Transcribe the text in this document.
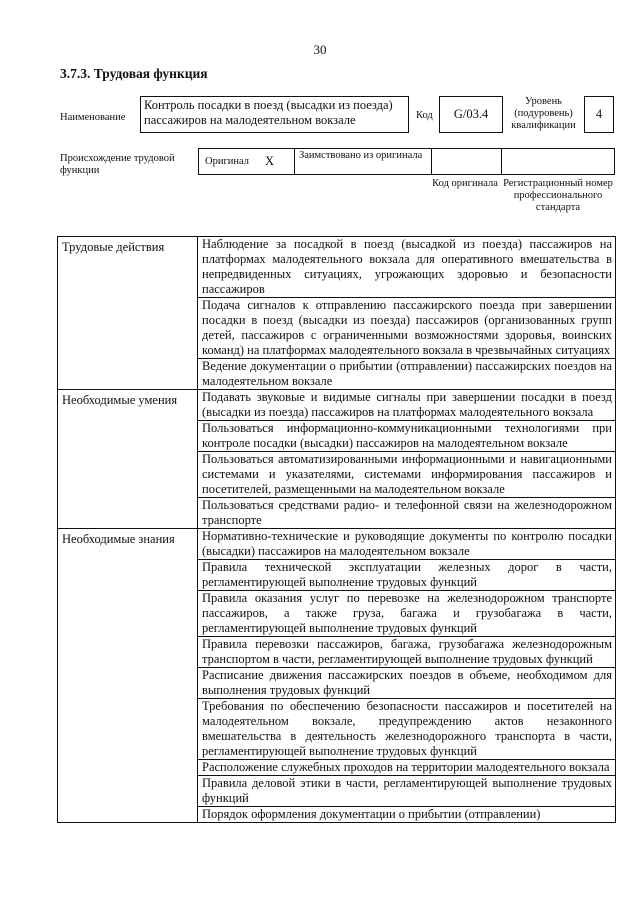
30
3.7.3. Трудовая функция
Наименование
Контроль посадки в поезд (высадки из поезда) пассажиров на малодеятельном вокзале	Код	G/03.4
Уровень (подуровень) квалификации
4
Происхождение трудовой функции
Оригинал X Заимствовано из оригинала
Код оригинала Регистрационный номер профессионального стандарта
Трудовые действия	Наблюдение за посадкой в поезд (высадкой из поезда) пассажиров на платформах малодеятельного вокзала для оперативного вмешательства в непредвиденных ситуациях, угрожающих здоровью и безопасности пассажиров
Подача сигналов к отправлению пассажирского поезда при завершении посадки в поезд (высадки из поезда) пассажиров (организованных групп детей, пассажиров с ограниченными возможностями здоровья, воинских команд) на платформах малодеятельного вокзала в чрезвычайных ситуациях
Ведение документации о прибытии (отправлении) пассажирских поездов на малодеятельном вокзале
Необходимые умения	Подавать звуковые и видимые сигналы при завершении посадки в поезд (высадки из поезда) пассажиров на платформах малодеятельного вокзала
Пользоваться информационно-коммуникационными технологиями при контроле посадки (высадки) пассажиров на малодеятельном вокзале
Пользоваться автоматизированными информационными и навигационными системами и указателями, системами информирования пассажиров и посетителей, размещенными на малодеятельном вокзале
Пользоваться средствами радио- и телефонной связи на железнодорожном транспорте
Необходимые знания	Нормативно-технические и руководящие документы по контролю посадки (высадки) пассажиров на малодеятельном вокзале
Правила технической эксплуатации железных дорог в части, регламентирующей выполнение трудовых функций
Правила оказания услуг по перевозке на железнодорожном транспорте пассажиров, а также груза, багажа и грузобагажа в части, регламентирующей выполнение трудовых функций
Правила перевозки пассажиров, багажа, грузобагажа железнодорожным транспортом в части, регламентирующей выполнение трудовых функций
Расписание движения пассажирских поездов в объеме, необходимом для выполнения трудовых функций
Требования по обеспечению безопасности пассажиров и посетителей на малодеятельном вокзале, предупреждению актов незаконного вмешательства в деятельность железнодорожного транспорта в части, регламентирующей выполнение трудовых функций
Расположение служебных проходов на территории малодеятельного вокзала
Правила деловой этики в части, регламентирующей выполнение трудовых функций
Порядок оформления документации о прибытии (отправлении)
